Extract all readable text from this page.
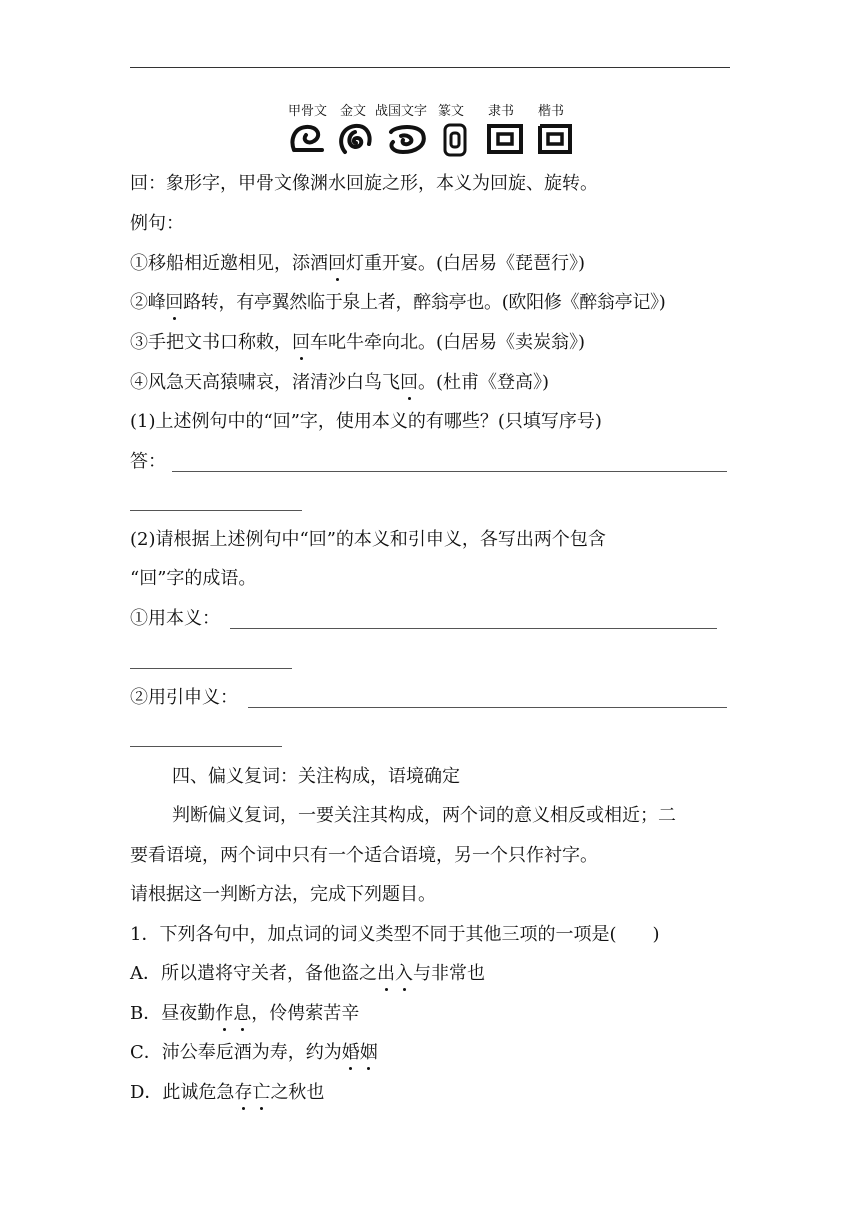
甲骨文 金文 战国文字 篆文 隶书 楷书
回：象形字，甲骨文像渊水回旋之形，本义为回旋、旋转。
例句：
①移船相近邀相见，添酒回灯重开宴。(白居易《琵琶行》)
②峰回路转，有亭翼然临于泉上者，醉翁亭也。(欧阳修《醉翁亭记》)
③手把文书口称敕，回车叱牛牵向北。(白居易《卖炭翁》)
④风急天高猿啸哀，渚清沙白鸟飞回。(杜甫《登高》)
(1)上述例句中的“回”字，使用本义的有哪些？(只填写序号)
答：
(2)请根据上述例句中“回”的本义和引申义，各写出两个包含
“回”字的成语。
①用本义：
②用引申义：
四、偏义复词：关注构成，语境确定
判断偏义复词，一要关注其构成，两个词的意义相反或相近；二
要看语境，两个词中只有一个适合语境，另一个只作衬字。
请根据这一判断方法，完成下列题目。
1．下列各句中，加点词的词义类型不同于其他三项的一项是(　　)
A．所以遣将守关者，备他盗之出入与非常也
B．昼夜勤作息，伶俜萦苦辛
C．沛公奉卮酒为寿，约为婚姻
D．此诚危急存亡之秋也
